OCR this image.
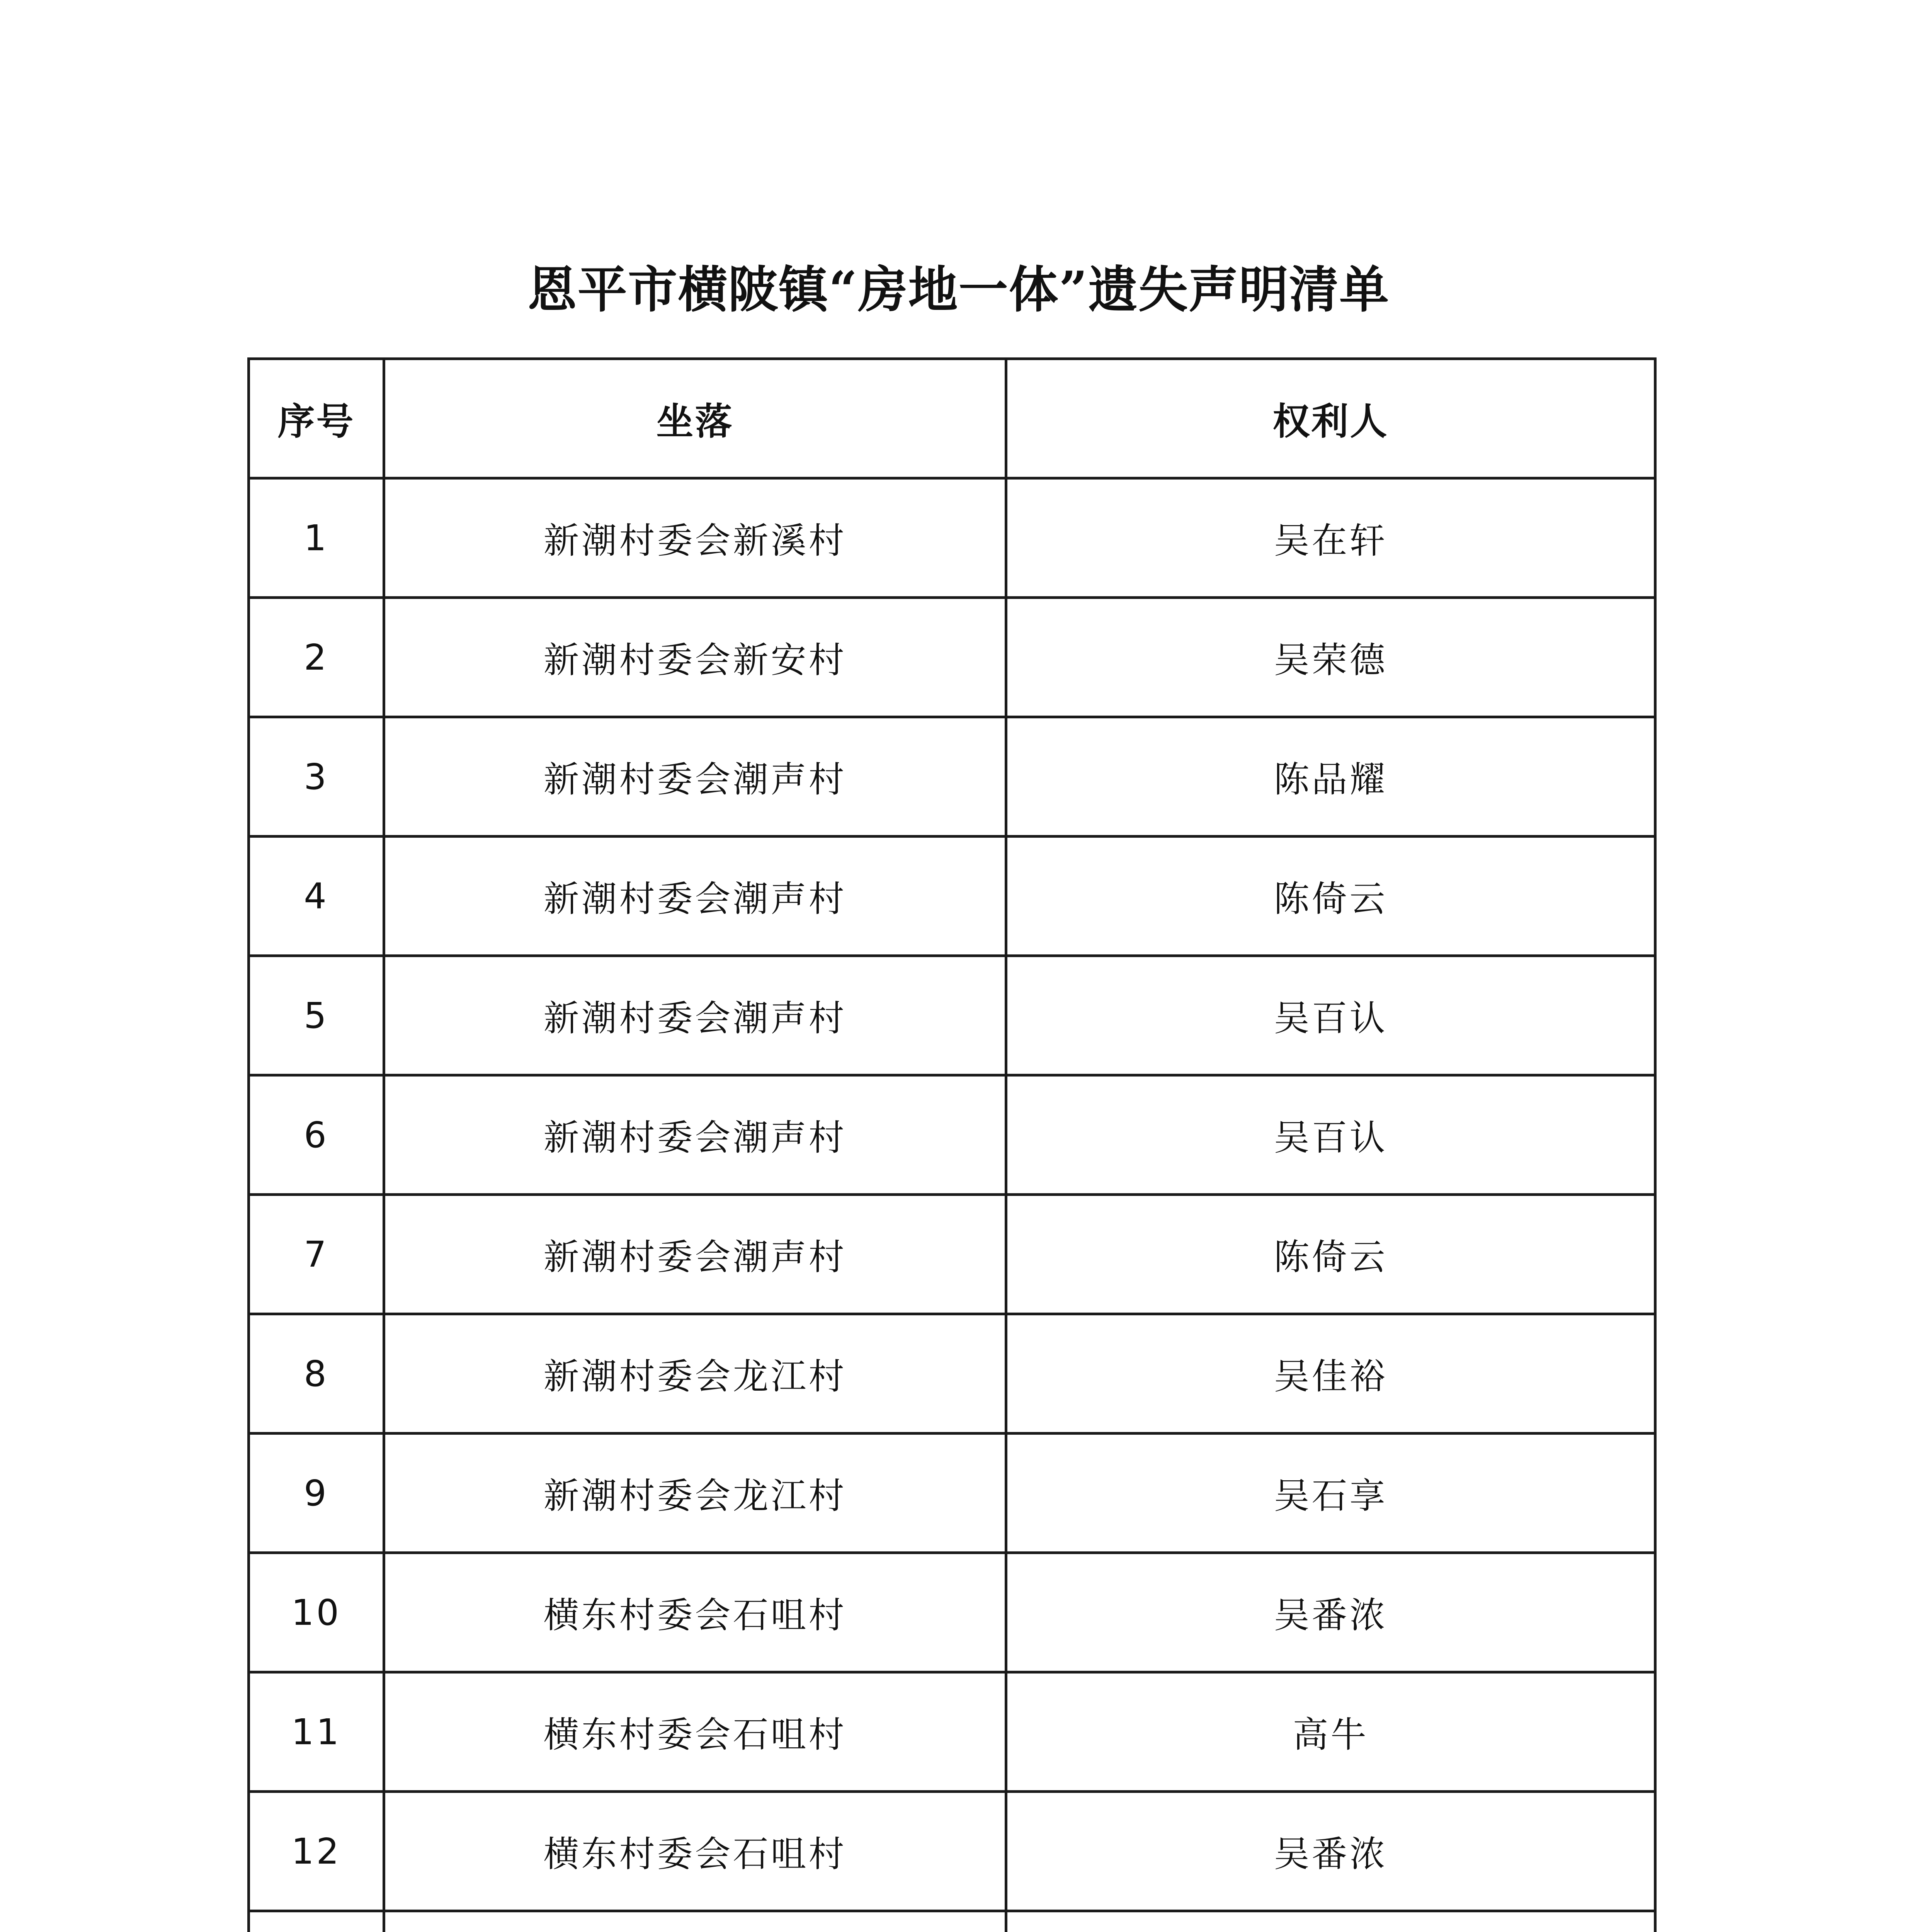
恩平市横陂镇“房地一体”遗失声明清单
序号	坐落	权利人
1	新潮村委会新溪村	吴在轩
2	新潮村委会新安村	吴荣德
3	新潮村委会潮声村	陈品耀
4	新潮村委会潮声村	陈倚云
5	新潮村委会潮声村	吴百认
6	新潮村委会潮声村	吴百认
7	新潮村委会潮声村	陈倚云
8	新潮村委会龙江村	吴佳裕
9	新潮村委会龙江村	吴石享
10	横东村委会石咀村	吴番浓
11	横东村委会石咀村	高牛
12	横东村委会石咀村	吴番浓
